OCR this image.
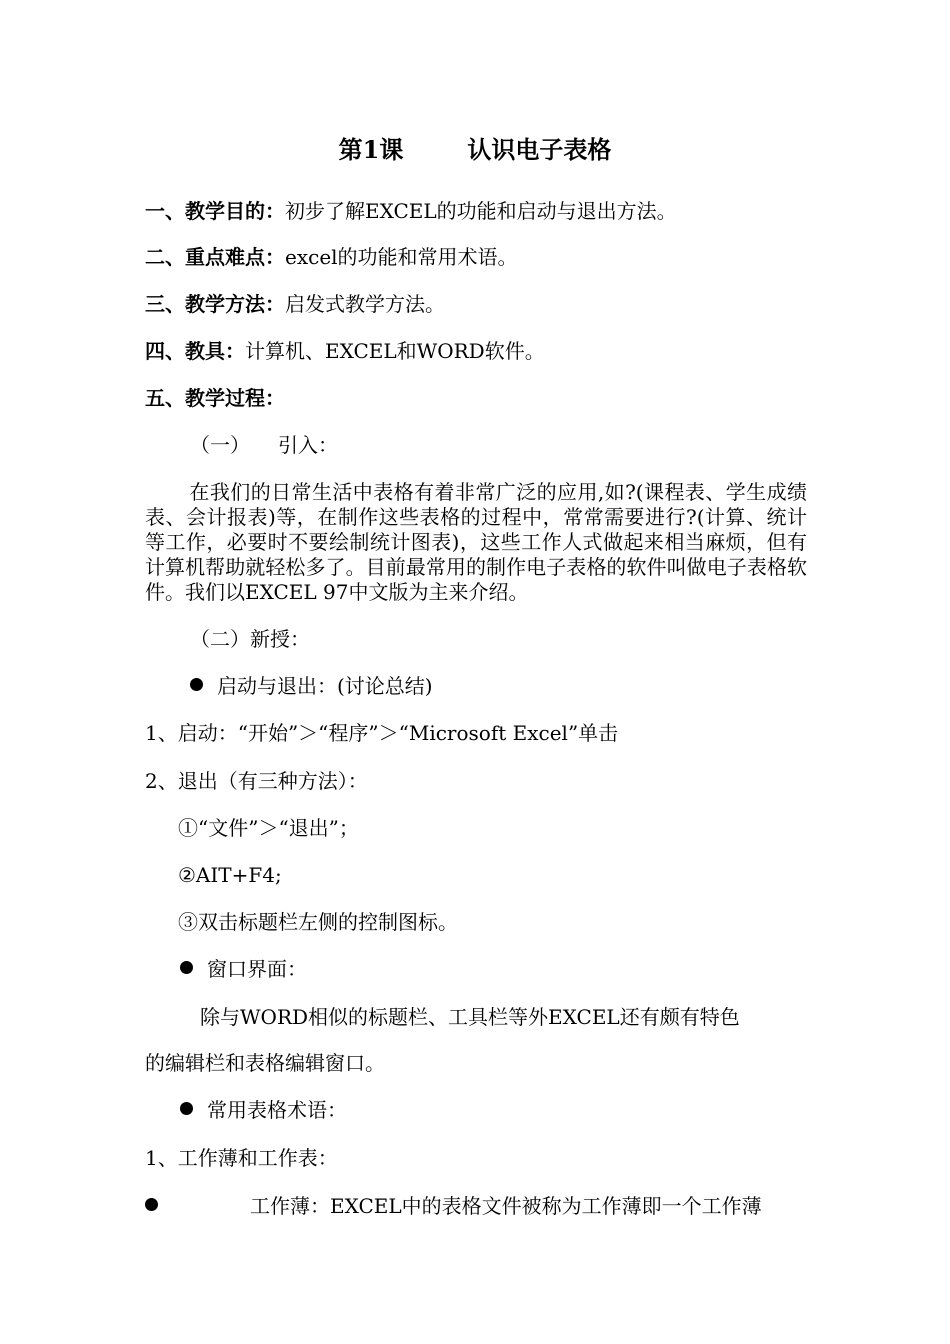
第1课	认识电子表格
一、教学目的：初步了解EXCEL的功能和启动与退出方法。
二、重点难点：excel的功能和常用术语。
三、教学方法：启发式教学方法。
四、教具：计算机、EXCEL和WORD软件。
五、教学过程：
（一） 引入：
在我们的日常生活中表格有着非常广泛的应用,如?(课程表、学生成绩表、会计报表)等，在制作这些表格的过程中，常常需要进行?(计算、统计等工作，必要时不要绘制统计图表)，这些工作人式做起来相当麻烦，但有计算机帮助就轻松多了。目前最常用的制作电子表格的软件叫做电子表格软件。我们以EXCEL 97中文版为主来介绍。
（二）新授：
启动与退出：(讨论总结)
1、启动：“开始”＞“程序”＞“Microsoft Excel”单击
2、退出（有三种方法）：
①“文件”＞“退出”；
②AIT+F4;
③双击标题栏左侧的控制图标。
窗口界面：
除与WORD相似的标题栏、工具栏等外EXCEL还有颇有特色
的编辑栏和表格编辑窗口。
常用表格术语：
1、工作薄和工作表：
工作薄：EXCEL中的表格文件被称为工作薄即一个工作薄
